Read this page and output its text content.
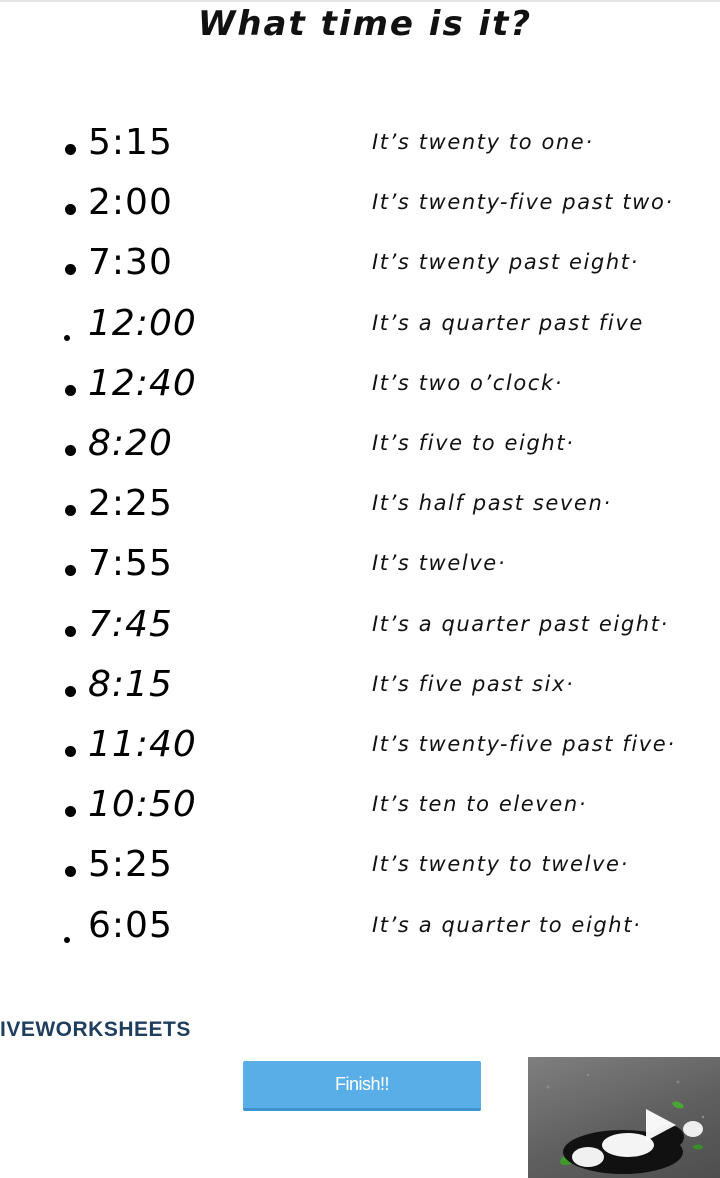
What time is it?
5:15	It’s twenty to one·
2:00	It’s twenty-five past two·
7:30	It’s twenty past eight·
12:00	It’s a quarter past five
12:40	It’s two o’clock·
8:20	It’s five to eight·
2:25	It’s half past seven·
7:55	It’s twelve·
7:45	It’s a quarter past eight·
8:15	It’s five past six·
11:40	It’s twenty-five past five·
10:50	It’s ten to eleven·
5:25	It’s twenty to twelve·
6:05	It’s a quarter to eight·
IVEWORKSHEETS
Finish!!
